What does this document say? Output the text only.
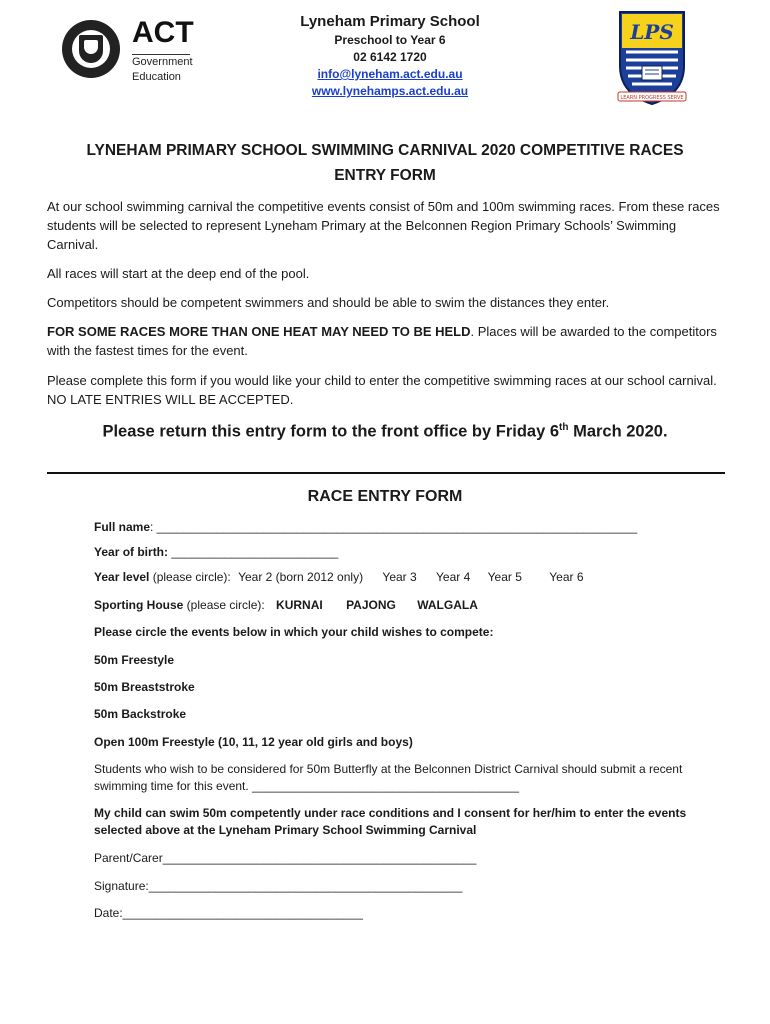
ACT
Government
Education
Lyneham Primary School
Preschool to Year 6
02 6142 1720
info@lyneham.act.edu.au
www.lynehamps.act.edu.au
LPS
LEARN PROGRESS SERVE
LYNEHAM PRIMARY SCHOOL SWIMMING CARNIVAL 2020 COMPETITIVE RACES
ENTRY FORM
At our school swimming carnival the competitive events consist of 50m and 100m swimming races. From these races students will be selected to represent Lyneham Primary at the Belconnen Region Primary Schools’ Swimming Carnival.
All races will start at the deep end of the pool.
Competitors should be competent swimmers and should be able to swim the distances they enter.
FOR SOME RACES MORE THAN ONE HEAT MAY NEED TO BE HELD. Places will be awarded to the competitors with the fastest times for the event.
Please complete this form if you would like your child to enter the competitive swimming races at our school carnival. NO LATE ENTRIES WILL BE ACCEPTED.
Please return this entry form to the front office by Friday 6th March 2020.
RACE ENTRY FORM
Full name: ________________________________________________________________________
Year of birth: _________________________
Year level (please circle): Year 2 (born 2012 only) Year 3 Year 4 Year 5 Year 6
Sporting House (please circle): KURNAI PAJONG WALGALA
Please circle the events below in which your child wishes to compete:
50m Freestyle
50m Breaststroke
50m Backstroke
Open 100m Freestyle (10, 11, 12 year old girls and boys)
Students who wish to be considered for 50m Butterfly at the Belconnen District Carnival should submit a recent swimming time for this event. ________________________________________
My child can swim 50m competently under race conditions and I consent for her/him to enter the events selected above at the Lyneham Primary School Swimming Carnival
Parent/Carer_______________________________________________
Signature:_______________________________________________
Date:____________________________________
